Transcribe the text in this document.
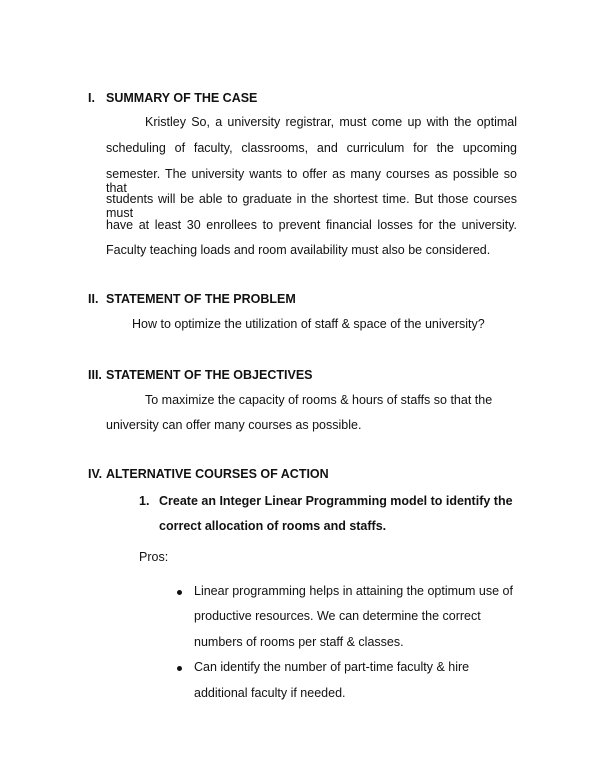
I. SUMMARY OF THE CASE
Kristley So, a university registrar, must come up with the optimal
scheduling of faculty, classrooms, and curriculum for the upcoming
semester. The university wants to offer as many courses as possible so that
students will be able to graduate in the shortest time. But those courses must
have at least 30 enrollees to prevent financial losses for the university.
Faculty teaching loads and room availability must also be considered.
II. STATEMENT OF THE PROBLEM
How to optimize the utilization of staff & space of the university?
III. STATEMENT OF THE OBJECTIVES
To maximize the capacity of rooms & hours of staffs so that the
university can offer many courses as possible.
IV. ALTERNATIVE COURSES OF ACTION
1. Create an Integer Linear Programming model to identify the
correct allocation of rooms and staffs.
Pros:
Linear programming helps in attaining the optimum use of
productive resources. We can determine the correct
numbers of rooms per staff & classes.
Can identify the number of part-time faculty & hire
additional faculty if needed.
